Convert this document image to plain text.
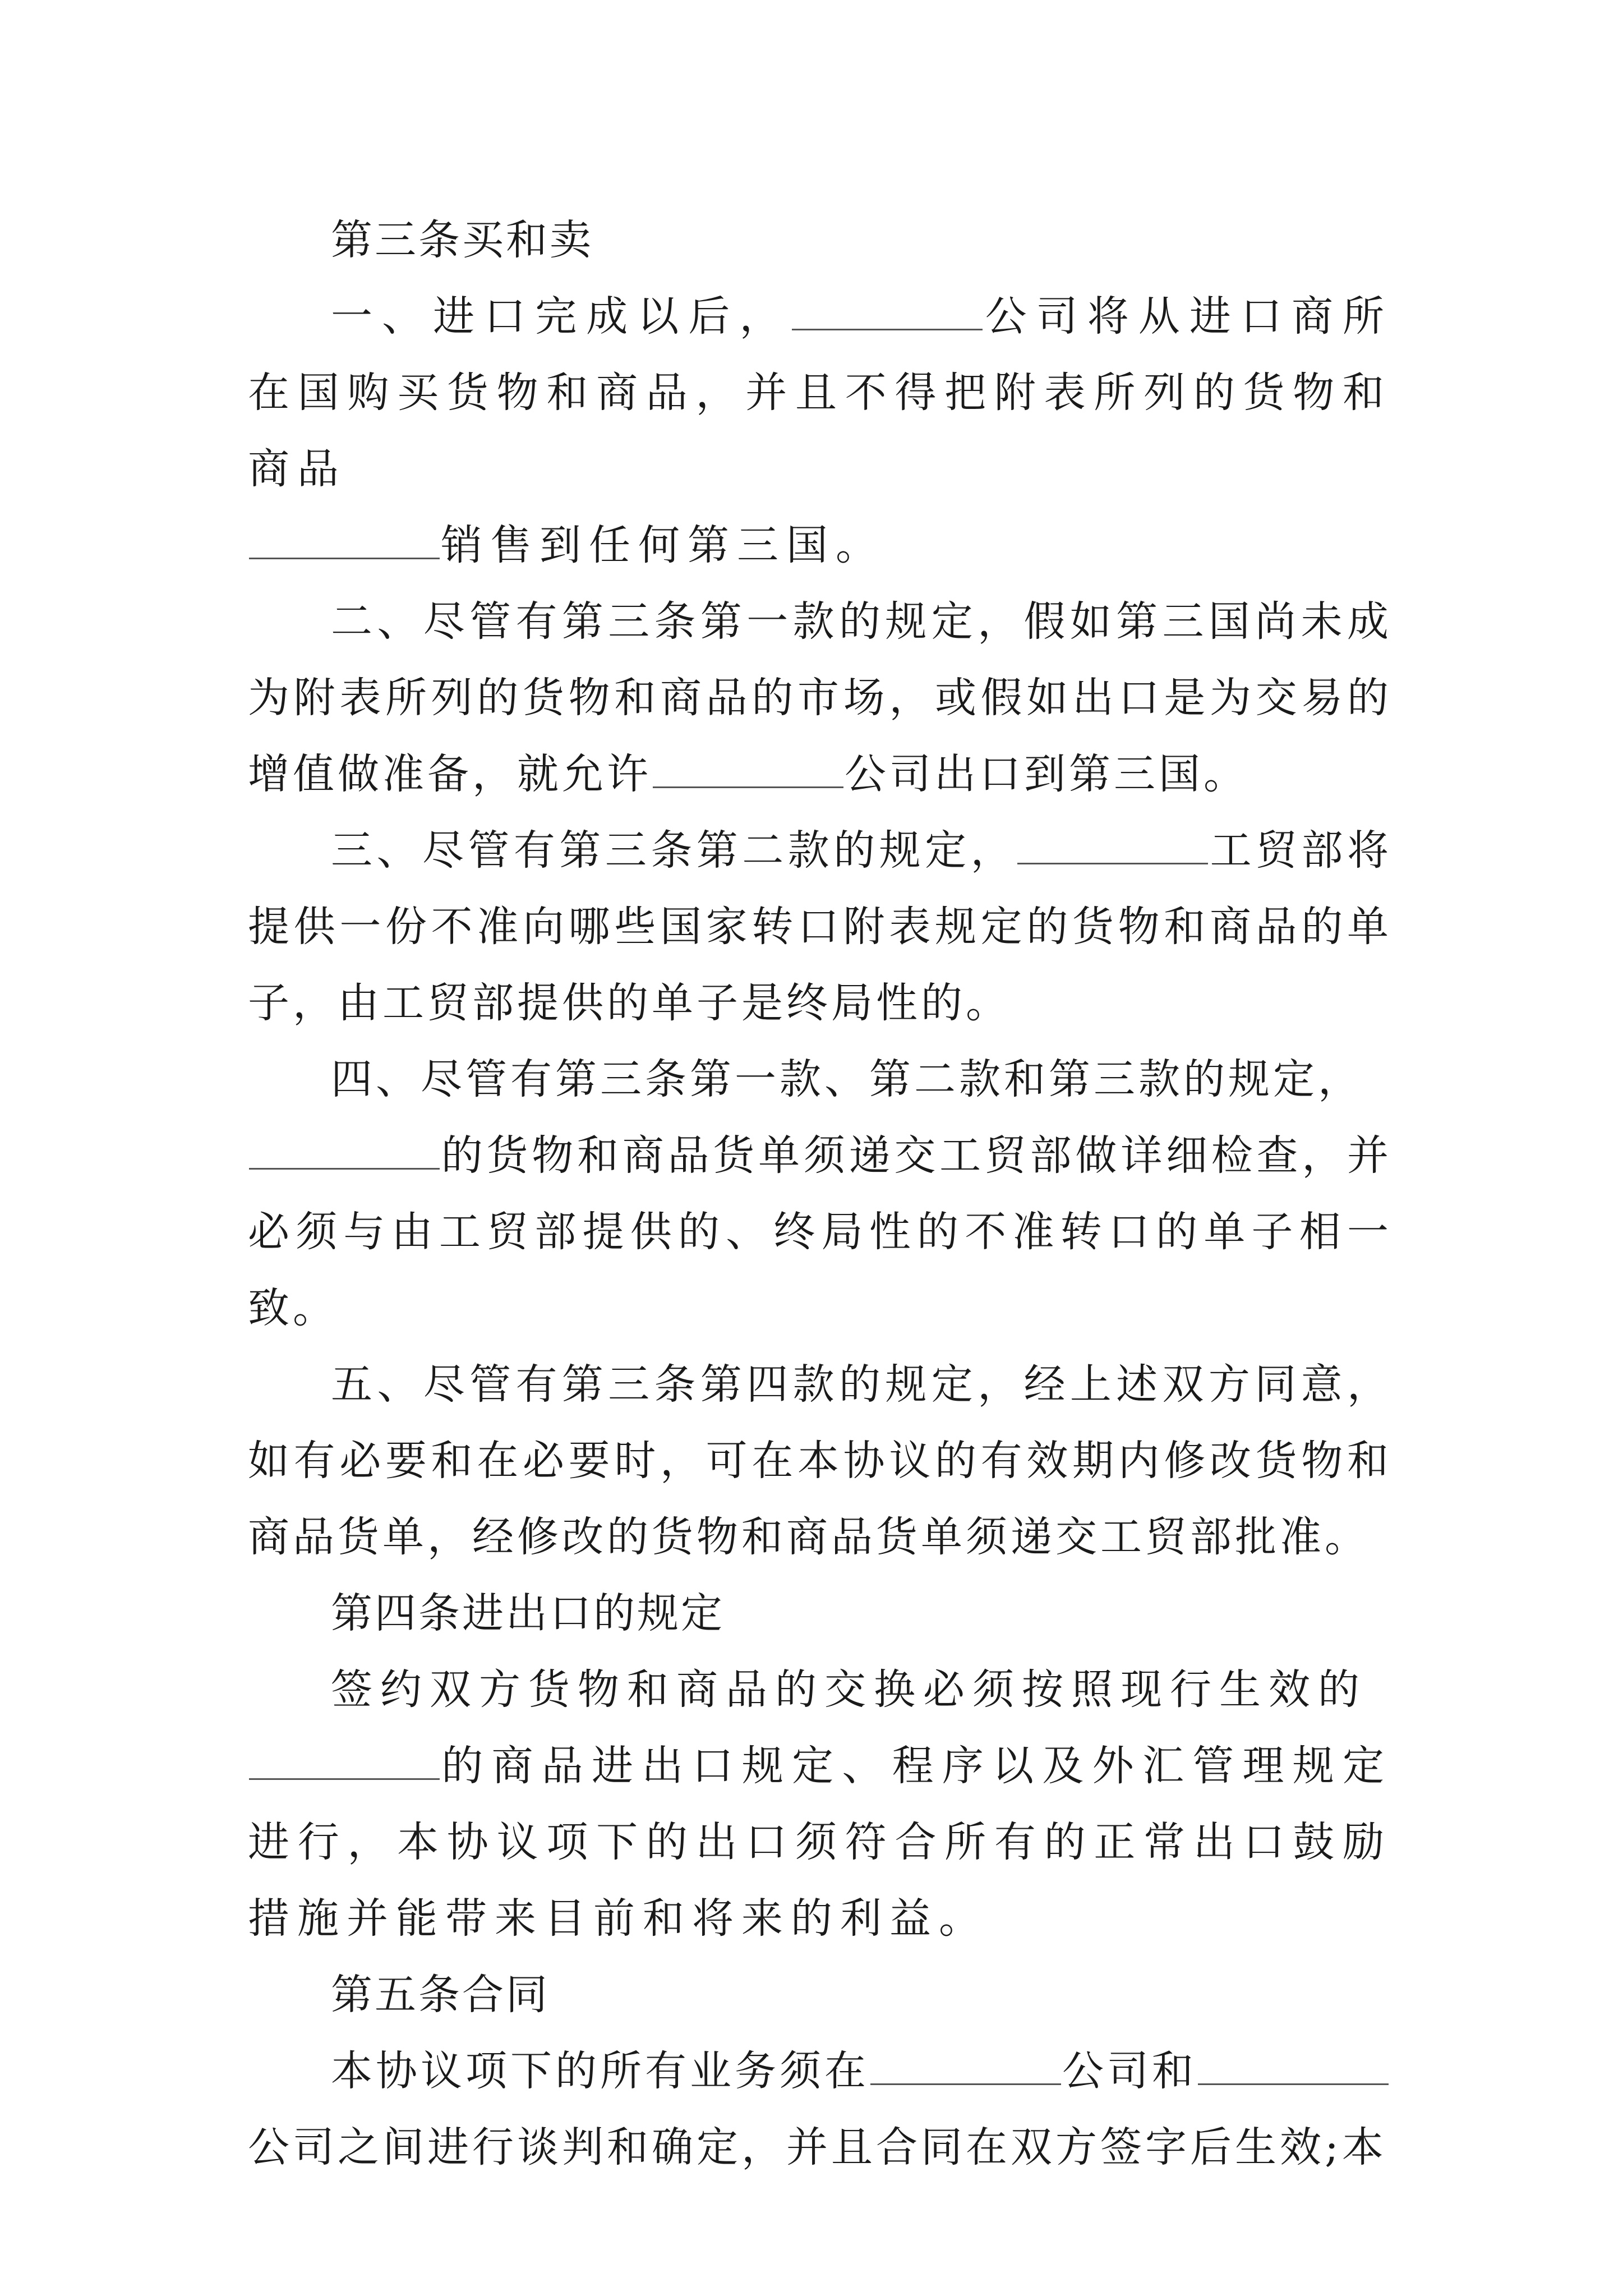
第三条买和卖

一、进口完成以后，	公司将从进口商所在国购买货物和商品，并且不得把附表所列的货物和商品
销售到任何第三国。

二、尽管有第三条第一款的规定，假如第三国尚未成为附表所列的货物和商品的市场，或假如出口是为交易的增值做准备，就允许	公司出口到第三国。

三、尽管有第三条第二款的规定，	工贸部将提供一份不准向哪些国家转口附表规定的货物和商品的单子，由工贸部提供的单子是终局性的。

四、尽管有第三条第一款、第二款和第三款的规定，
的货物和商品货单须递交工贸部做详细检查，并必须与由工贸部提供的、终局性的不准转口的单子相一致。

五、尽管有第三条第四款的规定，经上述双方同意，如有必要和在必要时，可在本协议的有效期内修改货物和商品货单，经修改的货物和商品货单须递交工贸部批准。

第四条进出口的规定

签约双方货物和商品的交换必须按照现行生效的
的商品进出口规定、程序以及外汇管理规定进行，本协议项下的出口须符合所有的正常出口鼓励措施并能带来目前和将来的利益。

第五条合同

本协议项下的所有业务须在	公司和
公司之间进行谈判和确定，并且合同在双方签字后生效;本
